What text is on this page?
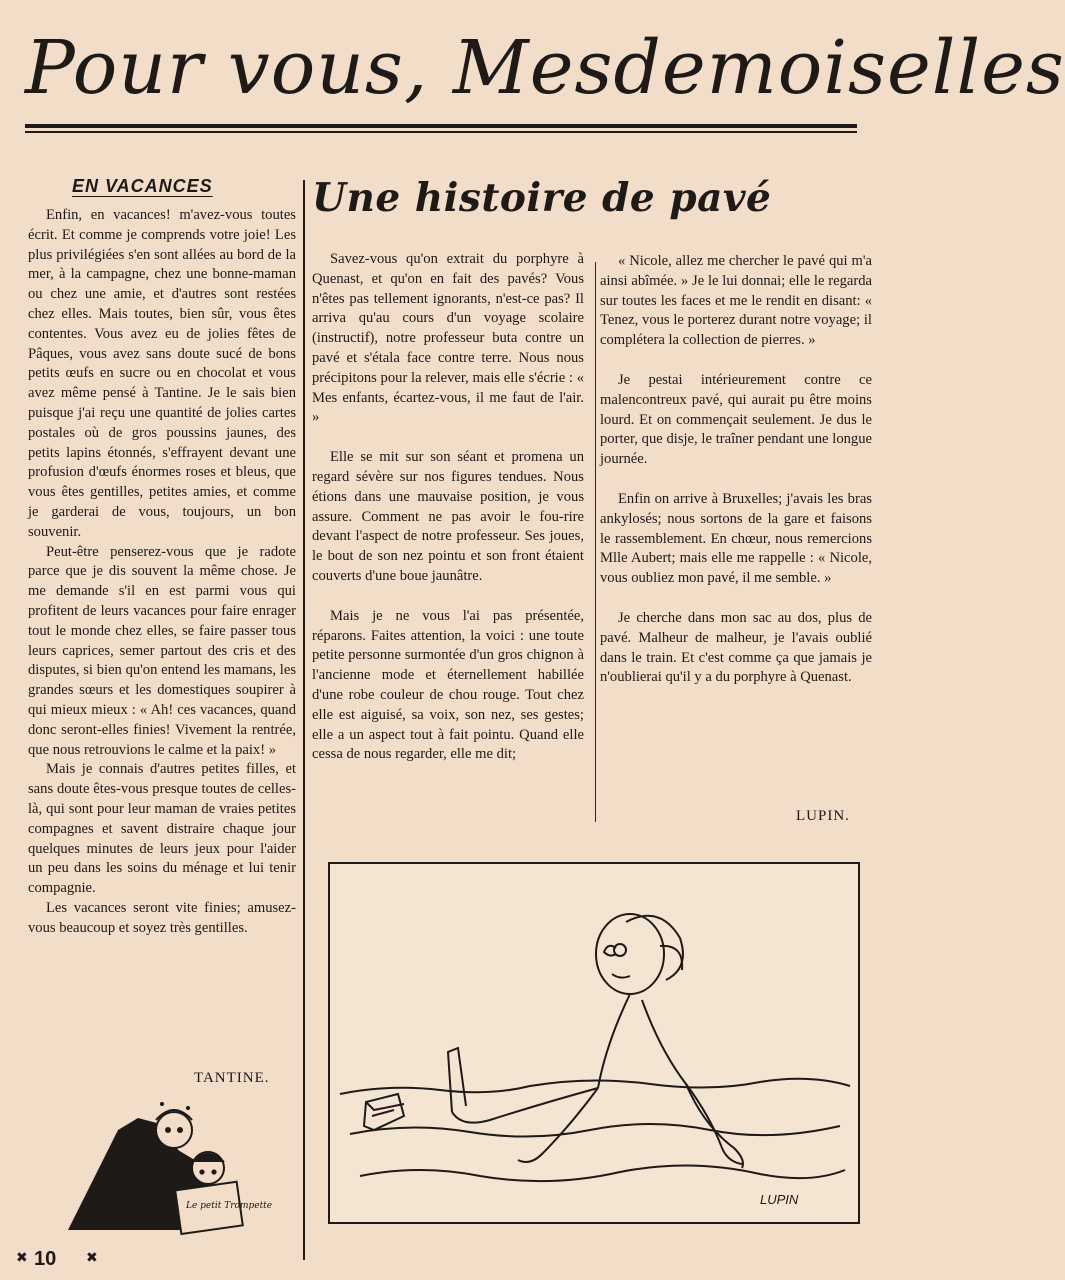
Pour vous, Mesdemoiselles
EN VACANCES

Enfin, en vacances! m'avez-vous toutes écrit. Et comme je comprends votre joie! Les plus privilégiées s'en sont allées au bord de la mer, à la campagne, chez une bonne-maman ou chez une amie, et d'autres sont restées chez elles. Mais toutes, bien sûr, vous êtes contentes. Vous avez eu de jolies fêtes de Pâques, vous avez sans doute sucé de bons petits œufs en sucre ou en chocolat et vous avez même pensé à Tantine. Je le sais bien puisque j'ai reçu une quantité de jolies cartes postales où de gros poussins jaunes, des petits lapins étonnés, s'effrayent devant une profusion d'œufs énormes roses et bleus, que vous êtes gentilles, petites amies, et comme je garderai de vous, toujours, un bon souvenir.

Peut-être penserez-vous que je radote parce que je dis souvent la même chose. Je me demande s'il en est parmi vous qui profitent de leurs vacances pour faire enrager tout le monde chez elles, se faire passer tous leurs caprices, semer partout des cris et des disputes, si bien qu'on entend les mamans, les grandes sœurs et les domestiques soupirer à qui mieux mieux : « Ah! ces vacances, quand donc seront-elles finies! Vivement la rentrée, que nous retrouvions le calme et la paix! »

Mais je connais d'autres petites filles, et sans doute êtes-vous presque toutes de celles-là, qui sont pour leur maman de vraies petites compagnes et savent distraire chaque jour quelques minutes de leurs jeux pour l'aider un peu dans les soins du ménage et lui tenir compagnie.

Les vacances seront vite finies; amusez-vous beaucoup et soyez très gentilles.

TANTINE.
Le petit Trompette
Une histoire de pavé

Savez-vous qu'on extrait du porphyre à Quenast, et qu'on en fait des pavés? Vous n'êtes pas tellement ignorants, n'est-ce pas? Il arriva qu'au cours d'un voyage scolaire (instructif), notre professeur buta contre un pavé et s'étala face contre terre. Nous nous précipitons pour la relever, mais elle s'écrie : « Mes enfants, écartez-vous, il me faut de l'air. »

Elle se mit sur son séant et promena un regard sévère sur nos figures tendues. Nous étions dans une mauvaise position, je vous assure. Comment ne pas avoir le fou-rire devant l'aspect de notre professeur. Ses joues, le bout de son nez pointu et son front étaient couverts d'une boue jaunâtre.

Mais je ne vous l'ai pas présentée, réparons. Faites attention, la voici : une toute petite personne surmontée d'un gros chignon à l'ancienne mode et éternellement habillée d'une robe couleur de chou rouge. Tout chez elle est aiguisé, sa voix, son nez, ses gestes; elle a un aspect tout à fait pointu. Quand elle cessa de nous regarder, elle me dit;

« Nicole, allez me chercher le pavé qui m'a ainsi abîmée. » Je le lui donnai; elle le regarda sur toutes les faces et me le rendit en disant: « Tenez, vous le porterez durant notre voyage; il complétera la collection de pierres. »

Je pestai intérieurement contre ce malencontreux pavé, qui aurait pu être moins lourd. Et on commençait seulement. Je dus le porter, que disje, le traîner pendant une longue journée.

Enfin on arrive à Bruxelles; j'avais les bras ankylosés; nous sortons de la gare et faisons le rassemblement. En chœur, nous remercions Mlle Aubert; mais elle me rappelle : « Nicole, vous oubliez mon pavé, il me semble. »

Je cherche dans mon sac au dos, plus de pavé. Malheur de malheur, je l'avais oublié dans le train. Et c'est comme ça que jamais je n'oublierai qu'il y a du porphyre à Quenast.

LUPIN.
LUPIN
✖ 10 ✖
